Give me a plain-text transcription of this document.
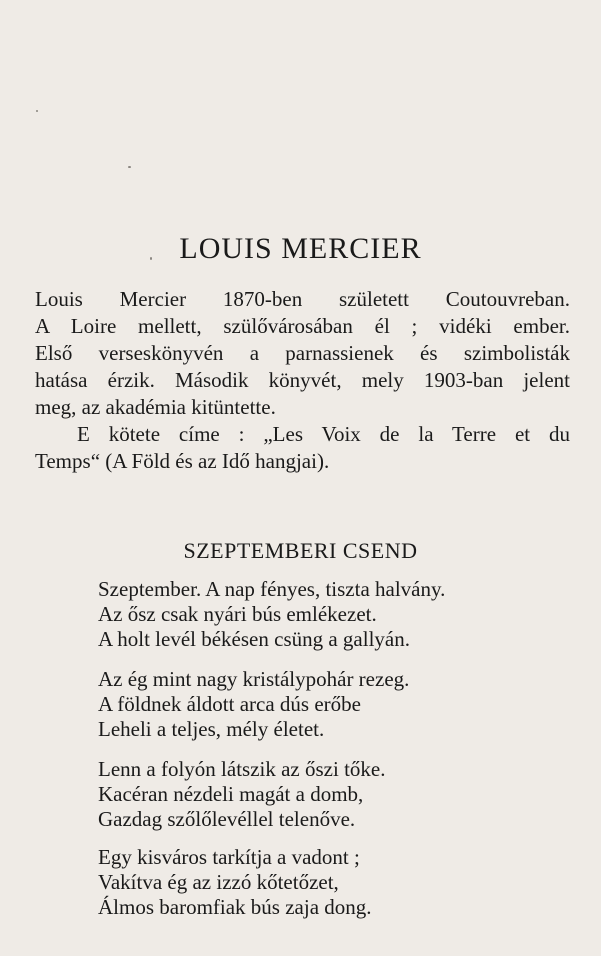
LOUIS MERCIER

Louis Mercier 1870-ben született Coutouvreban.
A Loire mellett, szülővárosában él ; vidéki ember.
Első verseskönyvén a parnassienek és szimbolisták
hatása érzik. Második könyvét, mely 1903-ban jelent
meg, az akadémia kitüntette.

E kötete címe : „Les Voix de la Terre et du
Temps“ (A Föld és az Idő hangjai).

SZEPTEMBERI CSEND
Szeptember. A nap fényes, tiszta halvány.
Az ősz csak nyári bús emlékezet.
A holt levél békésen csüng a gallyán.
Az ég mint nagy kristálypohár rezeg.
A földnek áldott arca dús erőbe
Leheli a teljes, mély életet.
Lenn a folyón látszik az őszi tőke.
Kacéran nézdeli magát a domb,
Gazdag szőlőlevéllel telenőve.
Egy kisváros tarkítja a vadont ;
Vakítva ég az izzó kőtetőzet,
Álmos baromfiak bús zaja dong.
